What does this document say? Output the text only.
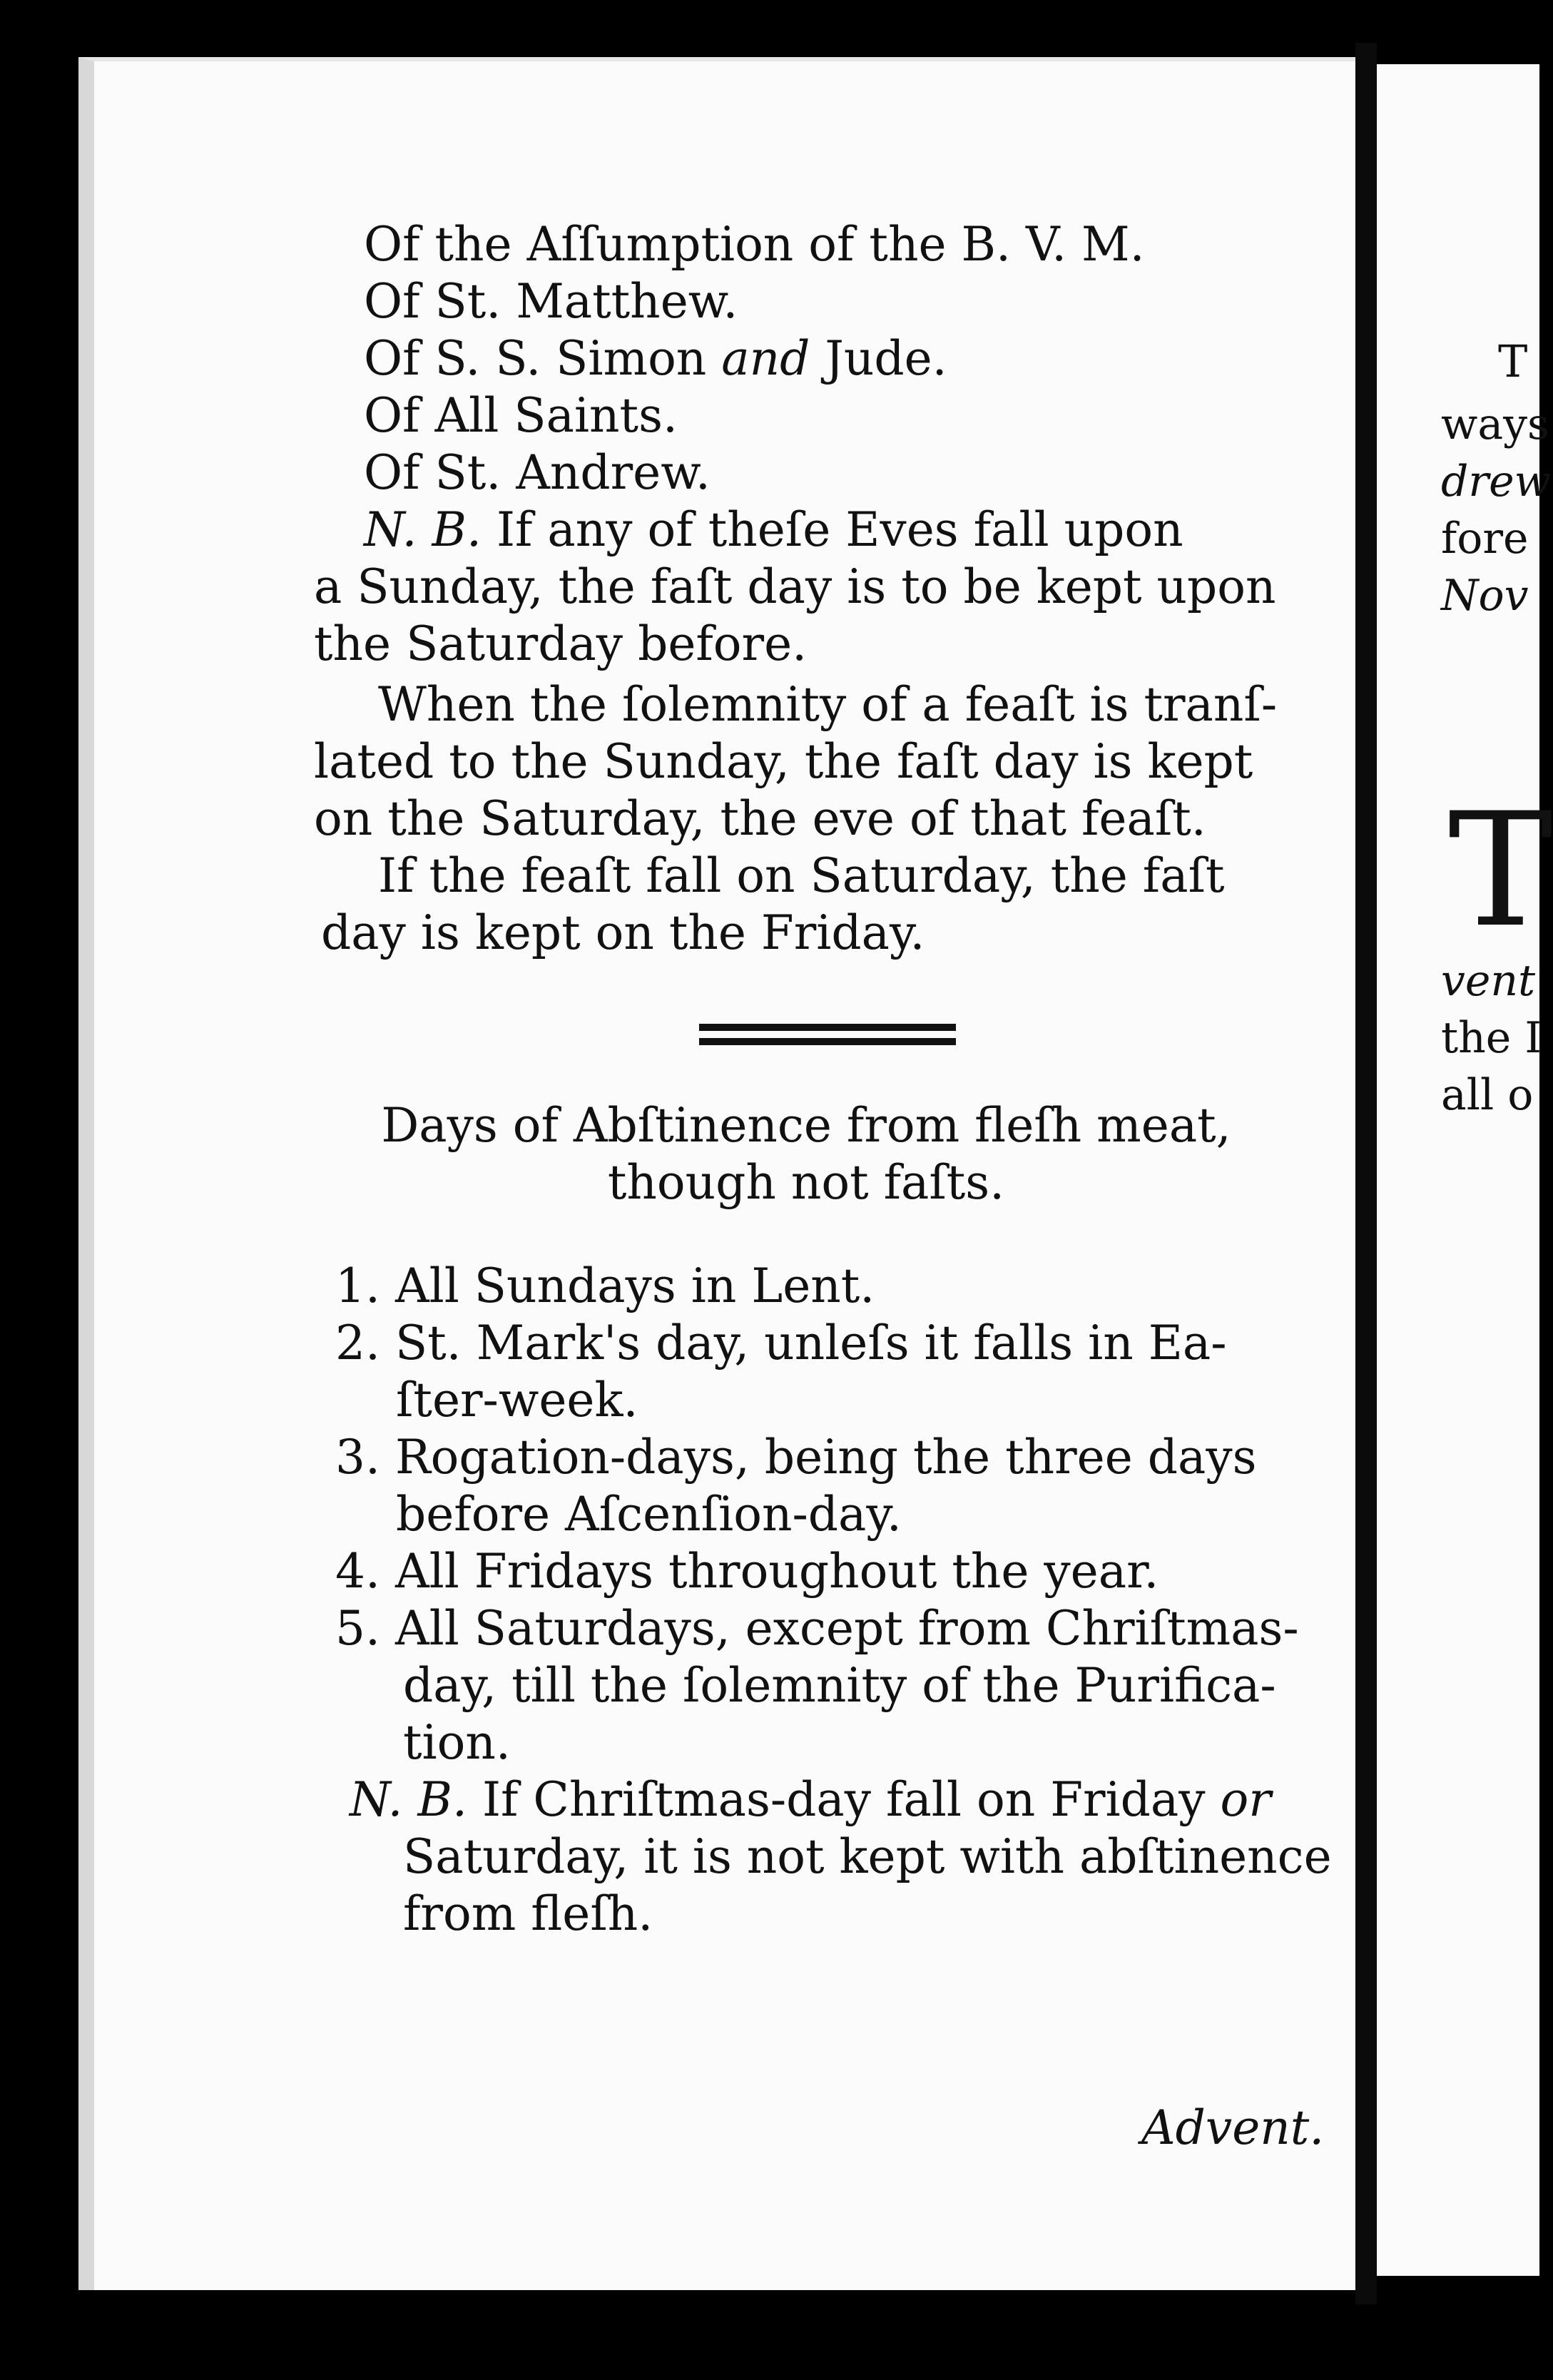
T
ways
drew
fore
Nov
T
vent
the I
all o
Of the Aſſumption of the B. V. M.
Of St. Matthew.
Of S. S. Simon and Jude.
Of All Saints.
Of St. Andrew.
N. B. If any of theſe Eves fall upon
a Sunday, the faſt day is to be kept upon
the Saturday before.
When the ſolemnity of a feaſt is tranſ-
lated to the Sunday, the faſt day is kept
on the Saturday, the eve of that feaſt.
If the feaſt fall on Saturday, the faſt
day is kept on the Friday.
Days of Abſtinence from fleſh meat,
though not faſts.
1. All Sundays in Lent.
2. St. Mark's day, unleſs it falls in Ea-
ſter-week.
3. Rogation-days, being the three days
before Aſcenſion-day.
4. All Fridays throughout the year.
5. All Saturdays, except from Chriſtmas-
day, till the ſolemnity of the Purifica-
tion.
N. B. If Chriſtmas-day fall on Friday or
Saturday, it is not kept with abſtinence
from fleſh.
Advent.
